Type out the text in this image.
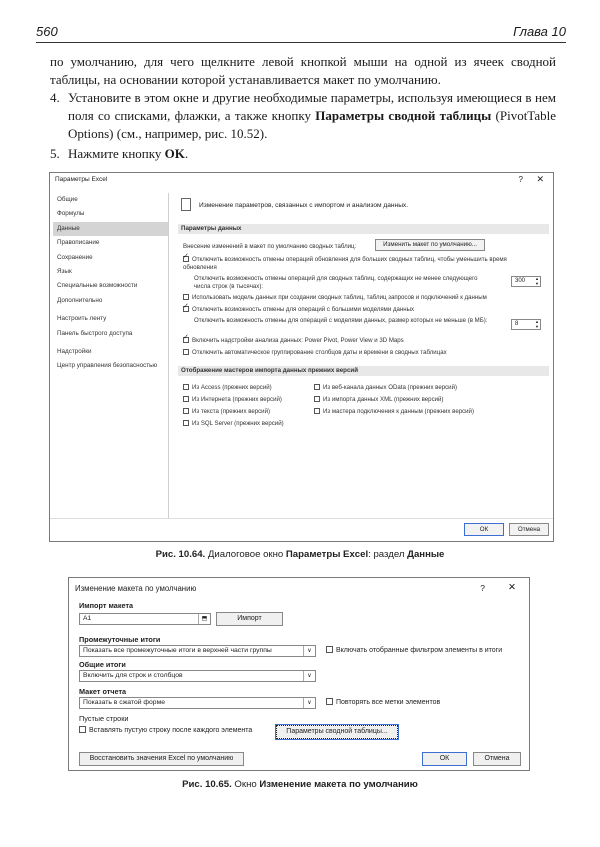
560	Глава 10

по умолчанию, для чего щелкните левой кнопкой мыши на одной из ячеек сводной таблицы, на основании которой устанавливается макет по умолчанию.

4. Установите в этом окне и другие необходимые параметры, используя имеющиеся в нем поля со списками, флажки, а также кнопку Параметры сводной таблицы (PivotTable Options) (см., например, рис. 10.52).

5. Нажмите кнопку OK.

Параметры Excel	? ✕
Общие
Формулы
Данные
Правописание
Сохранение
Язык
Специальные возможности
Дополнительно
Настроить ленту
Панель быстрого доступа
Надстройки
Центр управления безопасностью
Изменение параметров, связанных с импортом и анализом данных.
Параметры данных
Внесение изменений в макет по умолчанию сводных таблиц:	Изменить макет по умолчанию...
✓Отключить возможность отмены операций обновления для больших сводных таблиц, чтобы уменьшить время обновления
Отключить возможность отмены операций для сводных таблиц, содержащих не менее следующего числа строк (в тысячах):
300	▲
▼
Использовать модель данных при создании сводных таблиц, таблиц запросов и подключений к данным
✓Отключить возможность отмены для операций с большими моделями данных
Отключить возможность отмены для операций с моделями данных, размер которых не меньше (в МБ):	8	▲
▼
✓Включить надстройки анализа данных: Power Pivot, Power View и 3D Maps
Отключить автоматическое группирование столбцов даты и времени в сводных таблицах
Отображение мастеров импорта данных прежних версий
Из Access (прежних версий)
Из Интернета (прежних версий)
Из текста (прежних версий)
Из SQL Server (прежних версий)
Из веб-канала данных OData (прежних версий)
Из импорта данных XML (прежних версий)
Из мастера подключения к данным (прежних версий)
ОК	Отмена
Рис. 10.64. Диалоговое окно Параметры Excel: раздел Данные
Изменение макета по умолчанию	? ✕
Импорт макета
A1	⬒	Импорт
Промежуточные итоги
Показать все промежуточные итоги в верхней части группы	∨	Включать отобранные фильтром элементы в итоги
Общие итоги
Включить для строк и столбцов	∨
Макет отчета
Показать в сжатой форме	∨	Повторять все метки элементов
Пустые строки
Вставлять пустую строку после каждого элемента	Параметры сводной таблицы...
Восстановить значения Excel по умолчанию	ОК	Отмена
Рис. 10.65. Окно Изменение макета по умолчанию
